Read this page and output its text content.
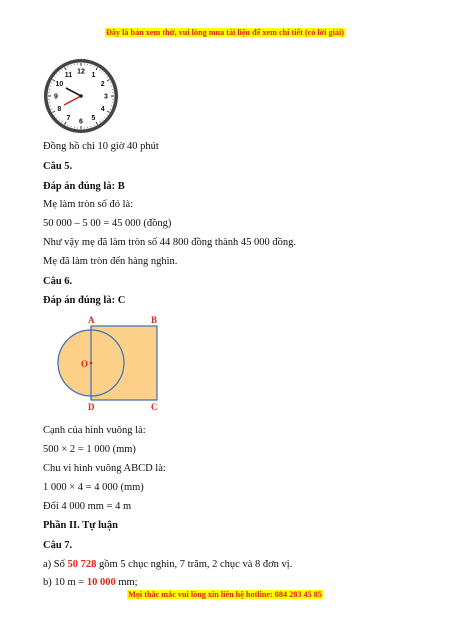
Đây là bản xem thử, vui lòng mua tài liệu để xem chi tiết (có lời giải)
12 1
2
3
4
5
6
7
8
9
10
11
Đồng hồ chỉ 10 giờ 40 phút
Câu 5.
Đáp án đúng là: B
Mẹ làm tròn số đó là:
50 000 – 5 00 = 45 000 (đồng)
Như vậy mẹ đã làm tròn số 44 800 đồng thành 45 000 đồng.
Mẹ đã làm tròn đến hàng nghìn.
Câu 6.
Đáp án đúng là: C
A	B
D	C
O
Cạnh của hình vuông là:
500 × 2 = 1 000 (mm)
Chu vi hình vuông ABCD là:
1 000 × 4 = 4 000 (mm)
Đổi 4 000 mm = 4 m
Phần II. Tự luận
Câu 7.
a) Số 50 728 gồm 5 chục nghìn, 7 trăm, 2 chục và 8 đơn vị.
b) 10 m = 10 000 mm;
Mọi thắc mắc vui lòng xin liên hệ hotline: 084 283 45 85
